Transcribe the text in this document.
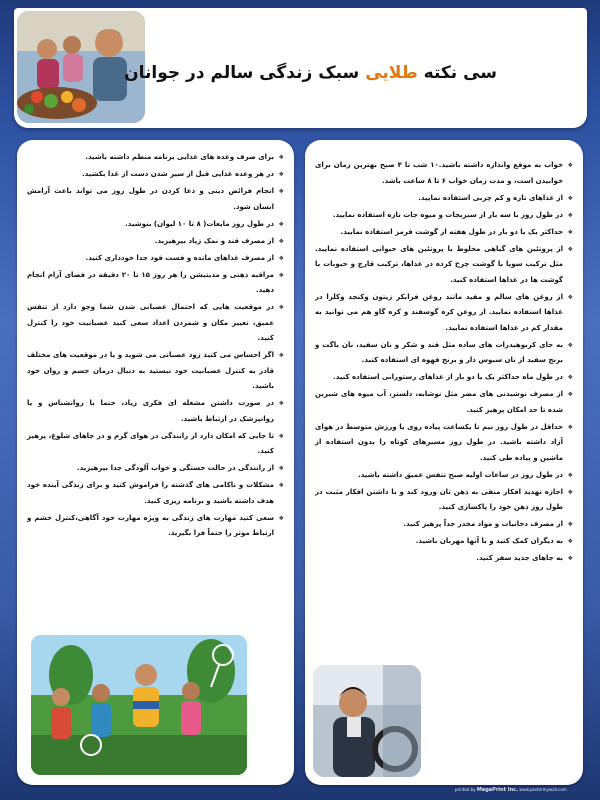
سی نکته طلایی سبک زندگی سالم در جوانان
❖ خواب به موقع واندازه داشته باشید.۱۰ شب تا ۴ صبح بهترین زمان برای خوابیدن است، و مدت زمان خواب ۶ تا ۸ ساعت باشد.
❖ از غذاهای تازه و کم چربی استفاده نمایید.
❖ در طول روز با سه بار از سبزیجات و میوه جات تازه استفاده نمایید.
❖ حداکثر یک یا دو بار در طول هفته از گوشت قرمز استفاده نمایید.
❖ از پروتئین های گیاهی مخلوط با پروتئین های حیوانی استفاده نمایید. مثل ترکیب سویا با گوشت چرخ کرده در غذاها، ترکیب قارچ و حبوبات با گوشت ها در غذاها استفاده کنید.
❖ از روغن های سالم و مفید مانند روغن فرابکر زیتون وکنجد وکلزا در غذاها استفاده نمایید. از روغن کره گوسفند و کره گاو هم می توانید به مقدار کم در غذاها استفاده نمایید.
❖ به جای کربوهیدرات های ساده مثل قند و شکر و نان سفید، نان باگت و برنج سفید از نان سبوس دار و برنج قهوه ای استفاده کنید.
❖ در طول ماه حداکثر یک یا دو بار از غذاهای رستورانی استفاده کنید.
❖ از مصرف نوشیدنی های مضر مثل نوشابه، دلستر، آب میوه های شیرین شده تا حد امکان پرهیز کنید.
❖ حداقل در طول روز نیم تا یکساعت پیاده روی یا ورزش متوسط در هوای آزاد داشته باشید. در طول روز مسیرهای کوتاه را بدون استفاده از ماشین و پیاده طی کنید.
❖ در طول روز در ساعات اولیه صبح تنفس عمیق داشته باشید.
❖ اجازه تهدید افکار منفی به ذهن تان ورود کند و با داشتن افکار مثبت در طول روز ذهن خود را پاکسازی کنید.
❖ از مصرف دخانیات و مواد مخدر جداً پرهیز کنید.
❖ به دیگران کمک کنید و با آنها مهربان باشید.
❖ به جاهای جدید سفر کنید.
❖ برای صرف وعده های غذایی برنامه منظم داشته باشید.
❖ در هر وعده غذایی قبل از سیر شدن دست از غذا بکشید.
❖ انجام فرائض دینی و دعا کردن در طول روز می تواند باعث آرامش انسان شود.
❖ در طول روز مایعات( ۸ تا ۱۰ لیوان) بنوشید.
❖ از مصرف قند و نمک زیاد بپرهیزید.
❖ از مصرف غذاهای مانده و فست فود جدا خودداری کنید.
❖ مراقبه ذهنی و مدیتیشن را هر روز ۱۵ تا ۲۰ دقیقه در فضای آرام انجام دهید.
❖ در موقعیت هایی که احتمال عصبانی شدن شما وجو دارد از تنفس عمیق، تغییر مکان و شمردن اعداد سعی کنید عصبانیت خود را کنترل کنید.
❖ اگر احساس می کنید زود عصبانی می شوید و یا در موقعیت های مختلف قادر به کنترل عصبانیت خود نیستید به دنبال درمان جسم و روان خود باشید.
❖ در صورت داشتن مشغله ای فکری زیاد، حتما با روانشناس و یا روانپزشک در ارتباط باشید.
❖ تا جایی که امکان دارد از رانندگی در هوای گرم و در جاهای شلوغ، پرهیز کنید.
❖ از رانندگی در حالت خستگی و خواب آلودگی جدا بپرهیزید.
❖ مشکلات و ناکامی های گذشته را فراموش کنید و برای زندگی آینده خود هدف داشته باشید و برنامه ریزی کنید.
❖ سعی کنید مهارت های زندگی به ویژه مهارت خود آگاهی،کنترل خشم و ارتباط موثر را حتماً فرا بگیرید.
printed by MegaPrint Inc. www.postermywall.com
